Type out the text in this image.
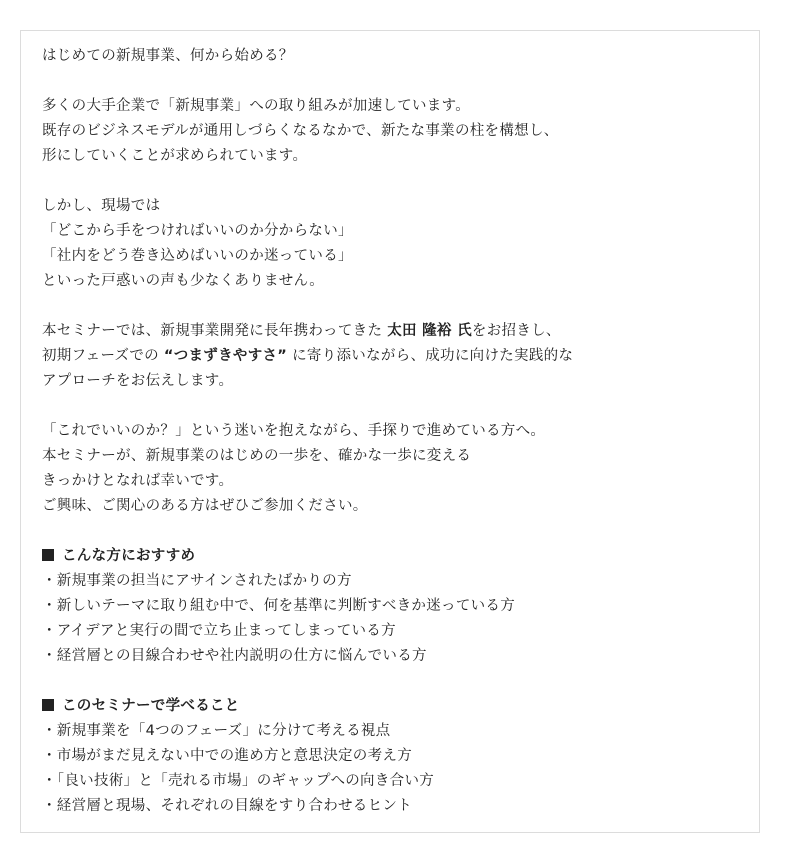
はじめての新規事業、何から始める？
多くの大手企業で「新規事業」への取り組みが加速しています。
既存のビジネスモデルが通用しづらくなるなかで、新たな事業の柱を構想し、
形にしていくことが求められています。
しかし、現場では
「どこから手をつければいいのか分からない」
「社内をどう巻き込めばいいのか迷っている」
といった戸惑いの声も少なくありません。
本セミナーでは、新規事業開発に長年携わってきた 太田 隆裕 氏をお招きし、
初期フェーズでの “つまずきやすさ” に寄り添いながら、成功に向けた実践的な
アプローチをお伝えします。
「これでいいのか？」という迷いを抱えながら、手探りで進めている方へ。
本セミナーが、新規事業のはじめの一歩を、確かな一歩に変える
きっかけとなれば幸いです。
ご興味、ご関心のある方はぜひご参加ください。
こんな方におすすめ
・新規事業の担当にアサインされたばかりの方
・新しいテーマに取り組む中で、何を基準に判断すべきか迷っている方
・アイデアと実行の間で立ち止まってしまっている方
・経営層との目線合わせや社内説明の仕方に悩んでいる方
このセミナーで学べること
・新規事業を「4つのフェーズ」に分けて考える視点
・市場がまだ見えない中での進め方と意思決定の考え方
・「良い技術」と「売れる市場」のギャップへの向き合い方
・経営層と現場、それぞれの目線をすり合わせるヒント
